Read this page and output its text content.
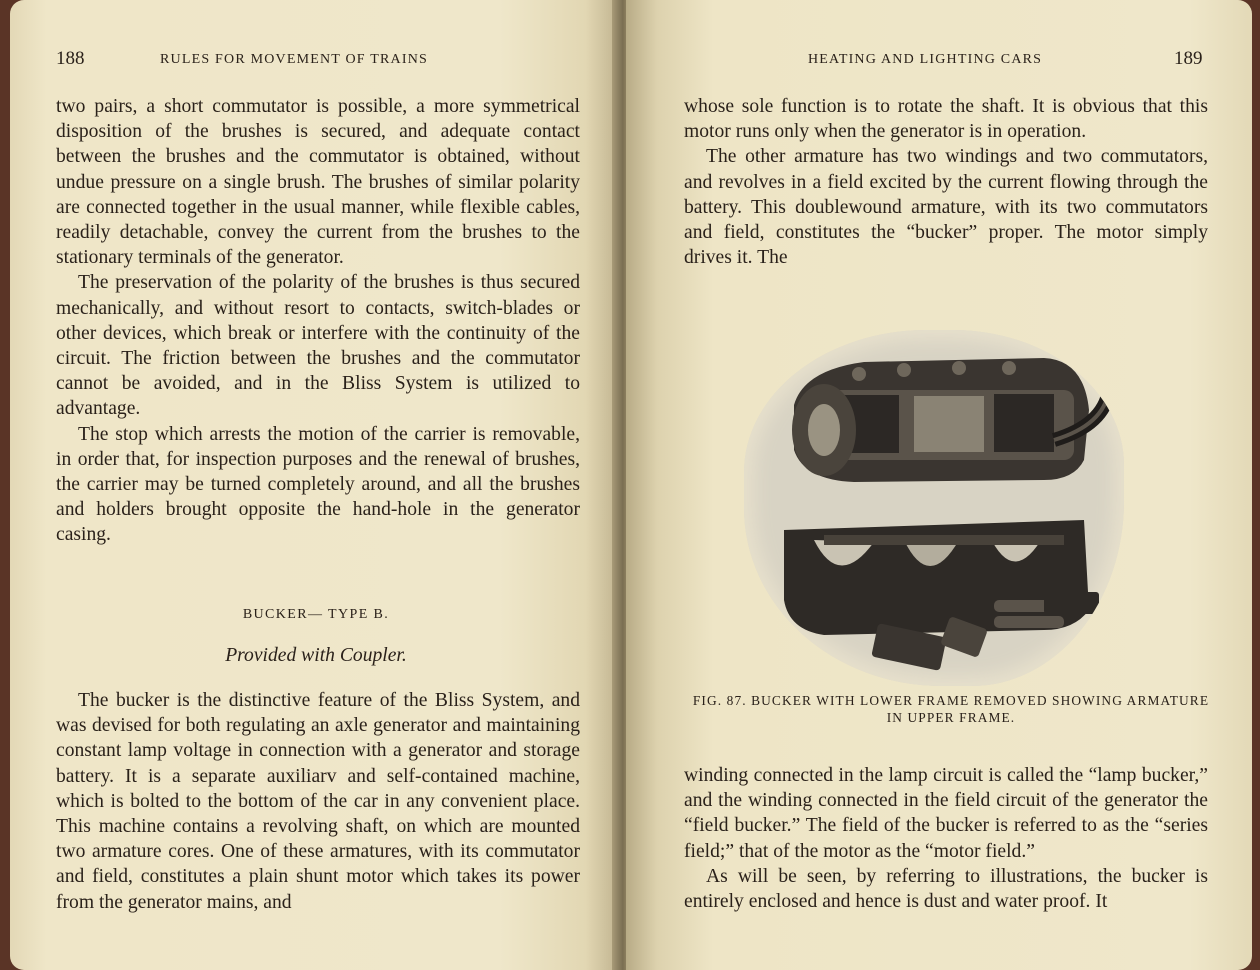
188	RULES FOR MOVEMENT OF TRAINS

two pairs, a short commutator is possible, a more symmetrical disposition of the brushes is secured, and adequate contact between the brushes and the commutator is obtained, without undue pressure on a single brush. The brushes of similar polarity are connected together in the usual manner, while flexible cables, readily detachable, convey the current from the brushes to the stationary terminals of the generator.

The preservation of the polarity of the brushes is thus secured mechanically, and without resort to contacts, switch-blades or other devices, which break or interfere with the continuity of the circuit. The friction between the brushes and the commutator cannot be avoided, and in the Bliss System is utilized to advantage.

The stop which arrests the motion of the carrier is removable, in order that, for inspection purposes and the renewal of brushes, the carrier may be turned completely around, and all the brushes and holders brought opposite the hand-hole in the generator casing.

BUCKER— TYPE B.
Provided with Coupler.

The bucker is the distinctive feature of the Bliss System, and was devised for both regulating an axle generator and maintaining constant lamp voltage in connection with a generator and storage battery. It is a separate auxiliarv and self-contained machine, which is bolted to the bottom of the car in any convenient place. This machine contains a revolving shaft, on which are mounted two armature cores. One of these armatures, with its commutator and field, constitutes a plain shunt motor which takes its power from the generator mains, and

HEATING AND LIGHTING CARS	189

whose sole function is to rotate the shaft. It is obvious that this motor runs only when the generator is in operation.

The other armature has two windings and two commutators, and revolves in a field excited by the current flowing through the battery. This doublewound armature, with its two commutators and field, constitutes the “bucker” proper. The motor simply drives it. The

FIG. 87. BUCKER WITH LOWER FRAME REMOVED SHOWING ARMATURE IN UPPER FRAME.

winding connected in the lamp circuit is called the “lamp bucker,” and the winding connected in the field circuit of the generator the “field bucker.” The field of the bucker is referred to as the “series field;” that of the motor as the “motor field.”

As will be seen, by referring to illustrations, the bucker is entirely enclosed and hence is dust and water proof. It
